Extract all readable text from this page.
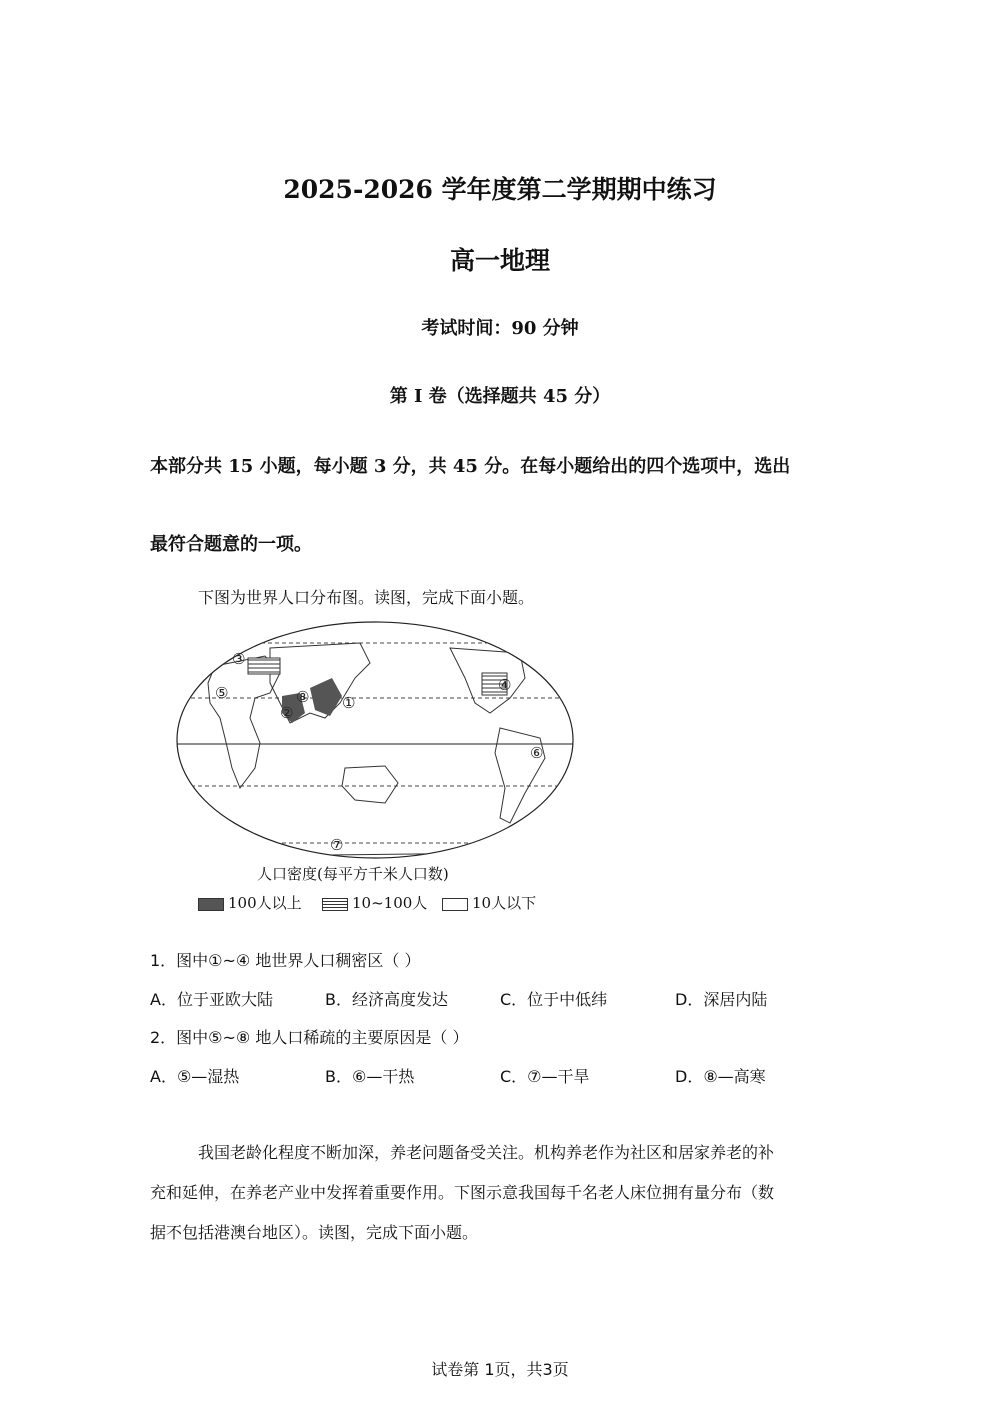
2025-2026 学年度第二学期期中练习
高一地理
考试时间：90 分钟
第 I 卷（选择题共 45 分）
本部分共 15 小题，每小题 3 分，共 45 分。在每小题给出的四个选项中，选出
最符合题意的一项。
下图为世界人口分布图。读图，完成下面小题。
①
②
③
④
⑤
⑥
⑦
⑧
人口密度(每平方千米人口数)
100人以上	10~100人	10人以下
1．图中①~④ 地世界人口稠密区（ ）
A．位于亚欧大陆	B．经济高度发达	C．位于中低纬	D．深居内陆
2．图中⑤~⑧ 地人口稀疏的主要原因是（ ）
A．⑤—湿热	B．⑥—干热	C．⑦—干旱	D．⑧—高寒
我国老龄化程度不断加深，养老问题备受关注。机构养老作为社区和居家养老的补
充和延伸，在养老产业中发挥着重要作用。下图示意我国每千名老人床位拥有量分布（数
据不包括港澳台地区）。读图，完成下面小题。
试卷第 1页，共3页
